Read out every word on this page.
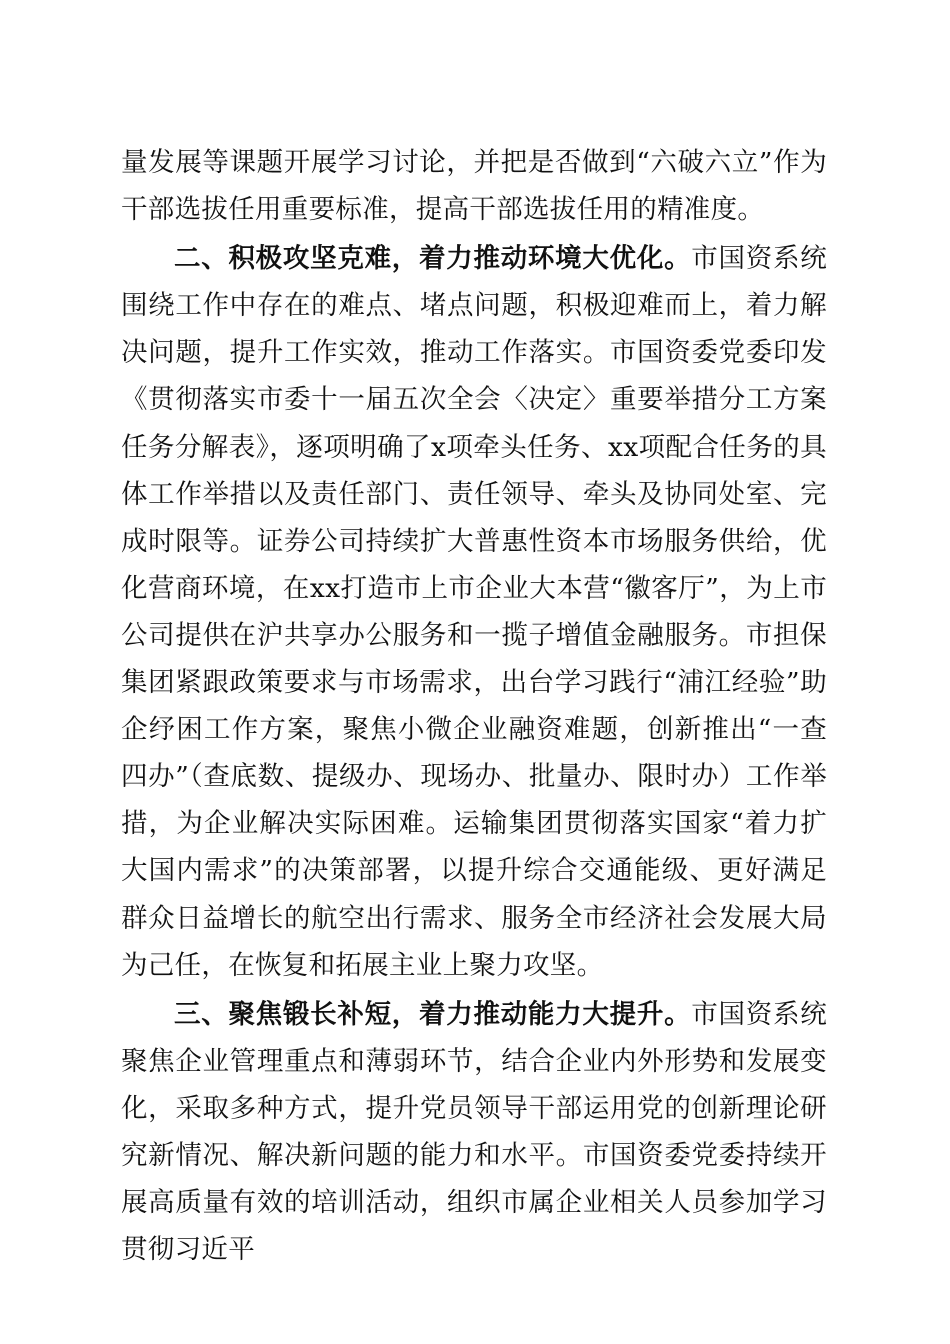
量发展等课题开展学习讨论，并把是否做到“六破六立”作为干部选拔任用重要标准，提高干部选拔任用的精准度。

二、积极攻坚克难，着力推动环境大优化。市国资系统围绕工作中存在的难点、堵点问题，积极迎难而上，着力解决问题，提升工作实效，推动工作落实。市国资委党委印发《贯彻落实市委十一届五次全会〈决定〉重要举措分工方案任务分解表》，逐项明确了x项牵头任务、xx项配合任务的具体工作举措以及责任部门、责任领导、牵头及协同处室、完成时限等。证券公司持续扩大普惠性资本市场服务供给，优化营商环境，在xx打造市上市企业大本营“徽客厅”，为上市公司提供在沪共享办公服务和一揽子增值金融服务。市担保集团紧跟政策要求与市场需求，出台学习践行“浦江经验”助企纾困工作方案，聚焦小微企业融资难题，创新推出“一查四办”（查底数、提级办、现场办、批量办、限时办）工作举措，为企业解决实际困难。运输集团贯彻落实国家“着力扩大国内需求”的决策部署，以提升综合交通能级、更好满足群众日益增长的航空出行需求、服务全市经济社会发展大局为己任，在恢复和拓展主业上聚力攻坚。

三、聚焦锻长补短，着力推动能力大提升。市国资系统聚焦企业管理重点和薄弱环节，结合企业内外形势和发展变化，采取多种方式，提升党员领导干部运用党的创新理论研究新情况、解决新问题的能力和水平。市国资委党委持续开展高质量有效的培训活动，组织市属企业相关人员参加学习贯彻习近平
